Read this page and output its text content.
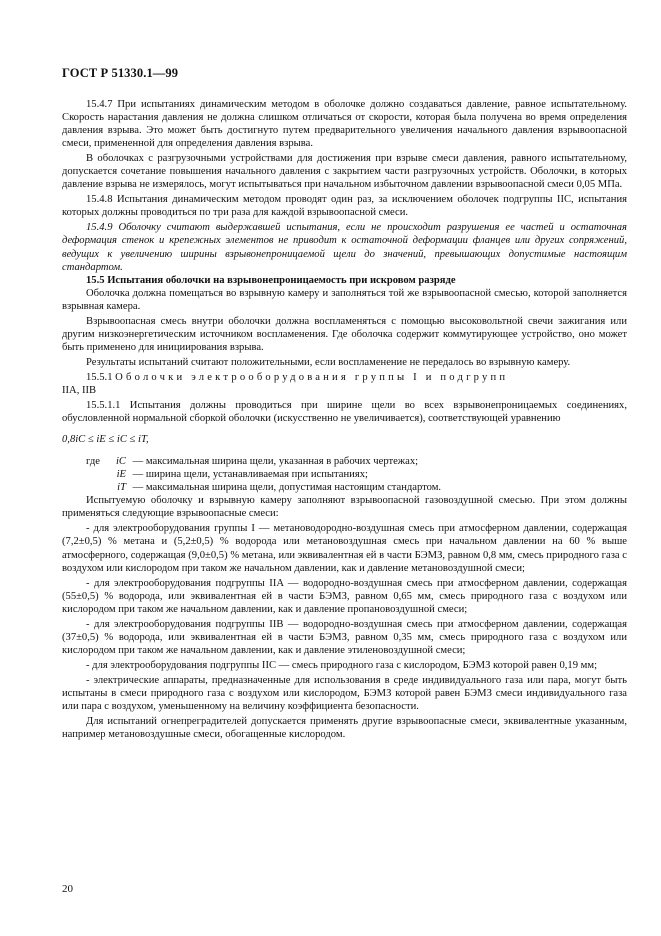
ГОСТ Р 51330.1—99

15.4.7 При испытаниях динамическим методом в оболочке должно создаваться давление, равное испытательному. Скорость нарастания давления не должна слишком отличаться от скорости, которая была получена во время определения давления взрыва. Это может быть достигнуто путем предварительного увеличения начального давления взрывоопасной смеси, примененной для определения давления взрыва.

В оболочках с разгрузочными устройствами для достижения при взрыве смеси давления, равного испытательному, допускается сочетание повышения начального давления с закрытием части разгрузочных устройств. Оболочки, в которых давление взрыва не измерялось, могут испытываться при начальном избыточном давлении взрывоопасной смеси 0,05 МПа.

15.4.8 Испытания динамическим методом проводят один раз, за исключением оболочек подгруппы IIC, испытания которых должны проводиться по три раза для каждой взрывоопасной смеси.

15.4.9 Оболочку считают выдержавшей испытания, если не происходит разрушения ее частей и остаточная деформация стенок и крепежных элементов не приводит к остаточной деформации фланцев или других сопряжений, ведущих к увеличению ширины взрывонепроницаемой щели до значений, превышающих допустимые настоящим стандартом.

15.5 Испытания оболочки на взрывонепроницаемость при искровом разряде

Оболочка должна помещаться во взрывную камеру и заполняться той же взрывоопасной смесью, которой заполняется взрывная камера.

Взрывоопасная смесь внутри оболочки должна воспламеняться с помощью высоковольтной свечи зажигания или другим низкоэнергетическим источником воспламенения. Где оболочка содержит коммутирующее устройство, оно может быть применено для инициирования взрыва.

Результаты испытаний считают положительными, если воспламенение не передалось во взрывную камеру.

15.5.1 Оболочки электрооборудования группы I и подгрупп

IIA, IIB

15.5.1.1 Испытания должны проводиться при ширине щели во всех взрывонепроницаемых соединениях, обусловленной нормальной сборкой оболочки (искусственно не увеличивается), соответствующей уравнению

0,8iC ≤ iE ≤ iC ≤ iT,

где iC — максимальная ширина щели, указанная в рабочих чертежах;

iE — ширина щели, устанавливаемая при испытаниях;

iT — максимальная ширина щели, допустимая настоящим стандартом.

Испытуемую оболочку и взрывную камеру заполняют взрывоопасной газовоздушной смесью. При этом должны применяться следующие взрывоопасные смеси:

- для электрооборудования группы I — метановодородно-воздушная смесь при атмосферном давлении, содержащая (7,2±0,5) % метана и (5,2±0,5) % водорода или метановоздушная смесь при начальном давлении на 60 % выше атмосферного, содержащая (9,0±0,5) % метана, или эквивалентная ей в части БЭМЗ, равном 0,8 мм, смесь природного газа с воздухом или кислородом при таком же начальном давлении, как и давление метановоздушной смеси;

- для электрооборудования подгруппы IIA — водородно-воздушная смесь при атмосферном давлении, содержащая (55±0,5) % водорода, или эквивалентная ей в части БЭМЗ, равном 0,65 мм, смесь природного газа с воздухом или кислородом при таком же начальном давлении, как и давление пропановоздушной смеси;

- для электрооборудования подгруппы IIB — водородно-воздушная смесь при атмосферном давлении, содержащая (37±0,5) % водорода, или эквивалентная ей в части БЭМЗ, равном 0,35 мм, смесь природного газа с воздухом или кислородом при таком же начальном давлении, как и давление этиленовоздушной смеси;

- для электрооборудования подгруппы IIC — смесь природного газа с кислородом, БЭМЗ которой равен 0,19 мм;

- электрические аппараты, предназначенные для использования в среде индивидуального газа или пара, могут быть испытаны в смеси природного газа с воздухом или кислородом, БЭМЗ которой равен БЭМЗ смеси индивидуального газа или пара с воздухом, уменьшенному на величину коэффициента безопасности.

Для испытаний огнепреградителей допускается применять другие взрывоопасные смеси, эквивалентные указанным, например метановоздушные смеси, обогащенные кислородом.

20
